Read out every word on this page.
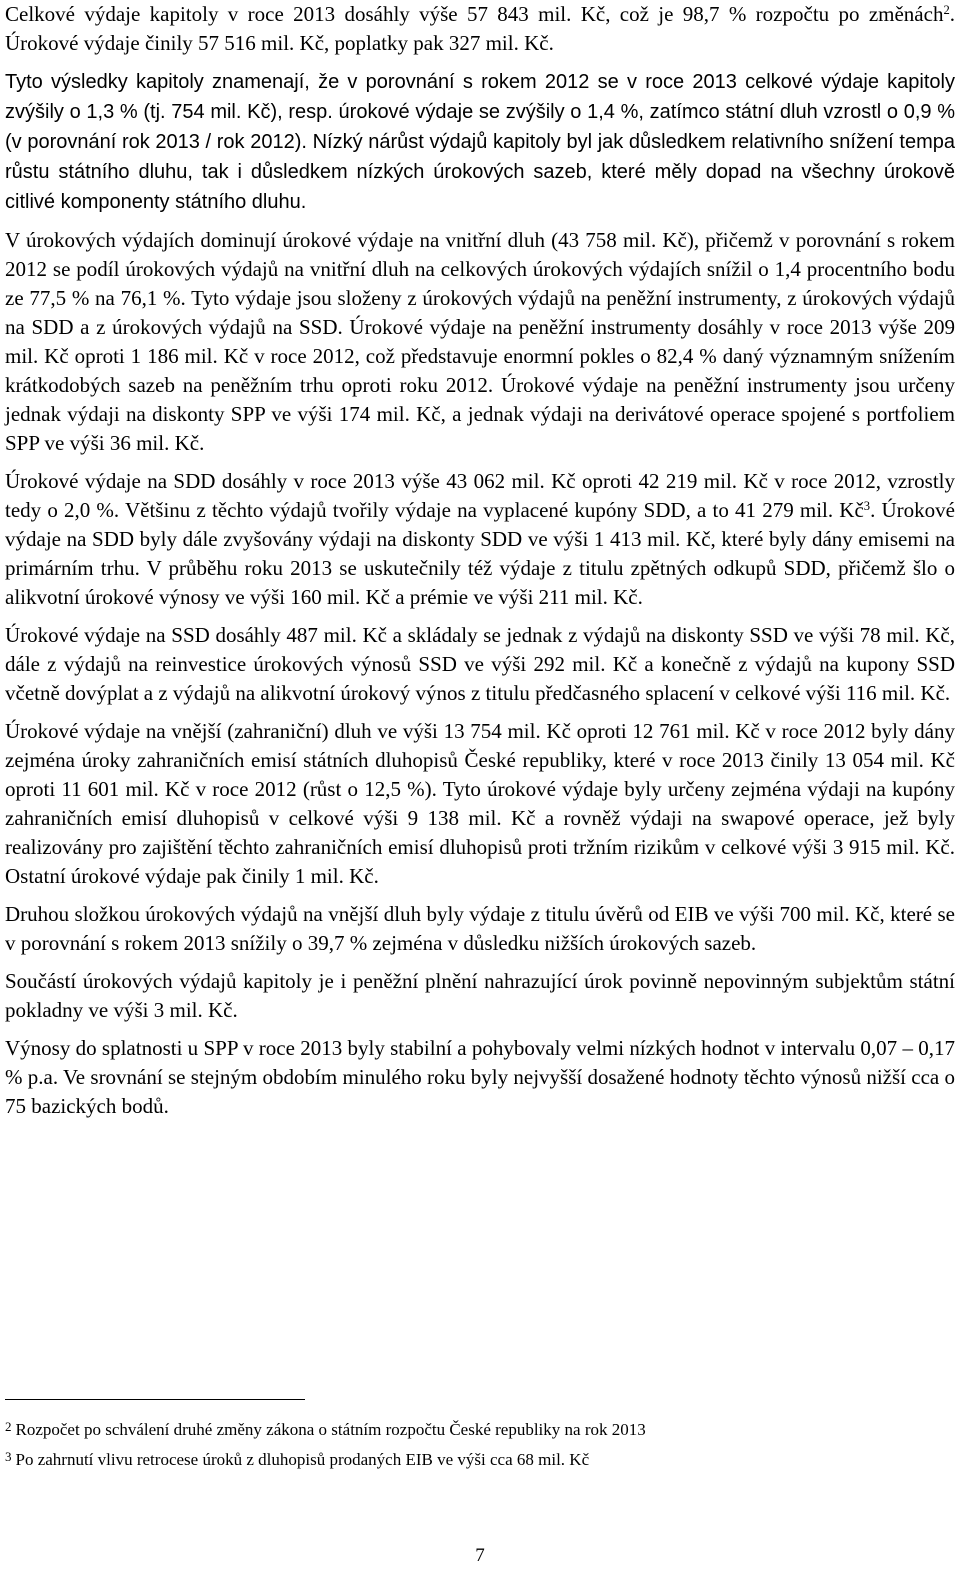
Celkové výdaje kapitoly v roce 2013 dosáhly výše 57 843 mil. Kč, což je 98,7 % rozpočtu po změnách$^2$. Úrokové výdaje činily 57 516 mil. Kč, poplatky pak 327 mil. Kč.

Tyto výsledky kapitoly znamenají, že v porovnání s rokem 2012 se v roce 2013 celkové výdaje kapitoly zvýšily o 1,3 % (tj. 754 mil. Kč), resp. úrokové výdaje se zvýšily o 1,4 %, zatímco státní dluh vzrostl o 0,9 % (v porovnání rok 2013 / rok 2012). Nízký nárůst výdajů kapitoly byl jak důsledkem relativního snížení tempa růstu státního dluhu, tak i důsledkem nízkých úrokových sazeb, které měly dopad na všechny úrokově citlivé komponenty státního dluhu.

V úrokových výdajích dominují úrokové výdaje na vnitřní dluh (43 758 mil. Kč), přičemž v porovnání s rokem 2012 se podíl úrokových výdajů na vnitřní dluh na celkových úrokových výdajích snížil o 1,4 procentního bodu ze 77,5 % na 76,1 %. Tyto výdaje jsou složeny z úrokových výdajů na peněžní instrumenty, z úrokových výdajů na SDD a z úrokových výdajů na SSD. Úrokové výdaje na peněžní instrumenty dosáhly v roce 2013 výše 209 mil. Kč oproti 1 186 mil. Kč v roce 2012, což představuje enormní pokles o 82,4 % daný významným snížením krátkodobých sazeb na peněžním trhu oproti roku 2012. Úrokové výdaje na peněžní instrumenty jsou určeny jednak výdaji na diskonty SPP ve výši 174 mil. Kč, a jednak výdaji na derivátové operace spojené s portfoliem SPP ve výši 36 mil. Kč.

Úrokové výdaje na SDD dosáhly v roce 2013 výše 43 062 mil. Kč oproti 42 219 mil. Kč v roce 2012, vzrostly tedy o 2,0 %. Většinu z těchto výdajů tvořily výdaje na vyplacené kupóny SDD, a to 41 279 mil. $Kč^3$. Úrokové výdaje na SDD byly dále zvyšovány výdaji na diskonty SDD ve výši 1 413 mil. Kč, které byly dány emisemi na primárním trhu. V průběhu roku 2013 se uskutečnily též výdaje z titulu zpětných odkupů SDD, přičemž šlo o alikvotní úrokové výnosy ve výši 160 mil. Kč a prémie ve výši 211 mil. Kč.

Úrokové výdaje na SSD dosáhly 487 mil. Kč a skládaly se jednak z výdajů na diskonty SSD ve výši 78 mil. Kč, dále z výdajů na reinvestice úrokových výnosů SSD ve výši 292 mil. Kč a konečně z výdajů na kupony SSD včetně dovýplat a z výdajů na alikvotní úrokový výnos z titulu předčasného splacení v celkové výši 116 mil. Kč.

Úrokové výdaje na vnější (zahraniční) dluh ve výši 13 754 mil. Kč oproti 12 761 mil. Kč v roce 2012 byly dány zejména úroky zahraničních emisí státních dluhopisů České republiky, které v roce 2013 činily 13 054 mil. Kč oproti 11 601 mil. Kč v roce 2012 (růst o 12,5 %). Tyto úrokové výdaje byly určeny zejména výdaji na kupóny zahraničních emisí dluhopisů v celkové výši 9 138 mil. Kč a rovněž výdaji na swapové operace, jež byly realizovány pro zajištění těchto zahraničních emisí dluhopisů proti tržním rizikům v celkové výši 3 915 mil. Kč. Ostatní úrokové výdaje pak činily 1 mil. Kč.

Druhou složkou úrokových výdajů na vnější dluh byly výdaje z titulu úvěrů od EIB ve výši 700 mil. Kč, které se v porovnání s rokem 2013 snížily o 39,7 % zejména v důsledku nižších úrokových sazeb.

Součástí úrokových výdajů kapitoly je i peněžní plnění nahrazující úrok povinně nepovinným subjektům státní pokladny ve výši 3 mil. Kč.

Výnosy do splatnosti u SPP v roce 2013 byly stabilní a pohybovaly velmi nízkých hodnot v intervalu 0,07 – 0,17 % p.a. Ve srovnání se stejným obdobím minulého roku byly nejvyšší dosažené hodnoty těchto výnosů nižší cca o 75 bazických bodů.

$^2$ Rozpočet po schválení druhé změny zákona o státním rozpočtu České republiky na rok 2013

$^3$ Po zahrnutí vlivu retrocese úroků z dluhopisů prodaných EIB ve výši cca 68 mil. Kč

7
